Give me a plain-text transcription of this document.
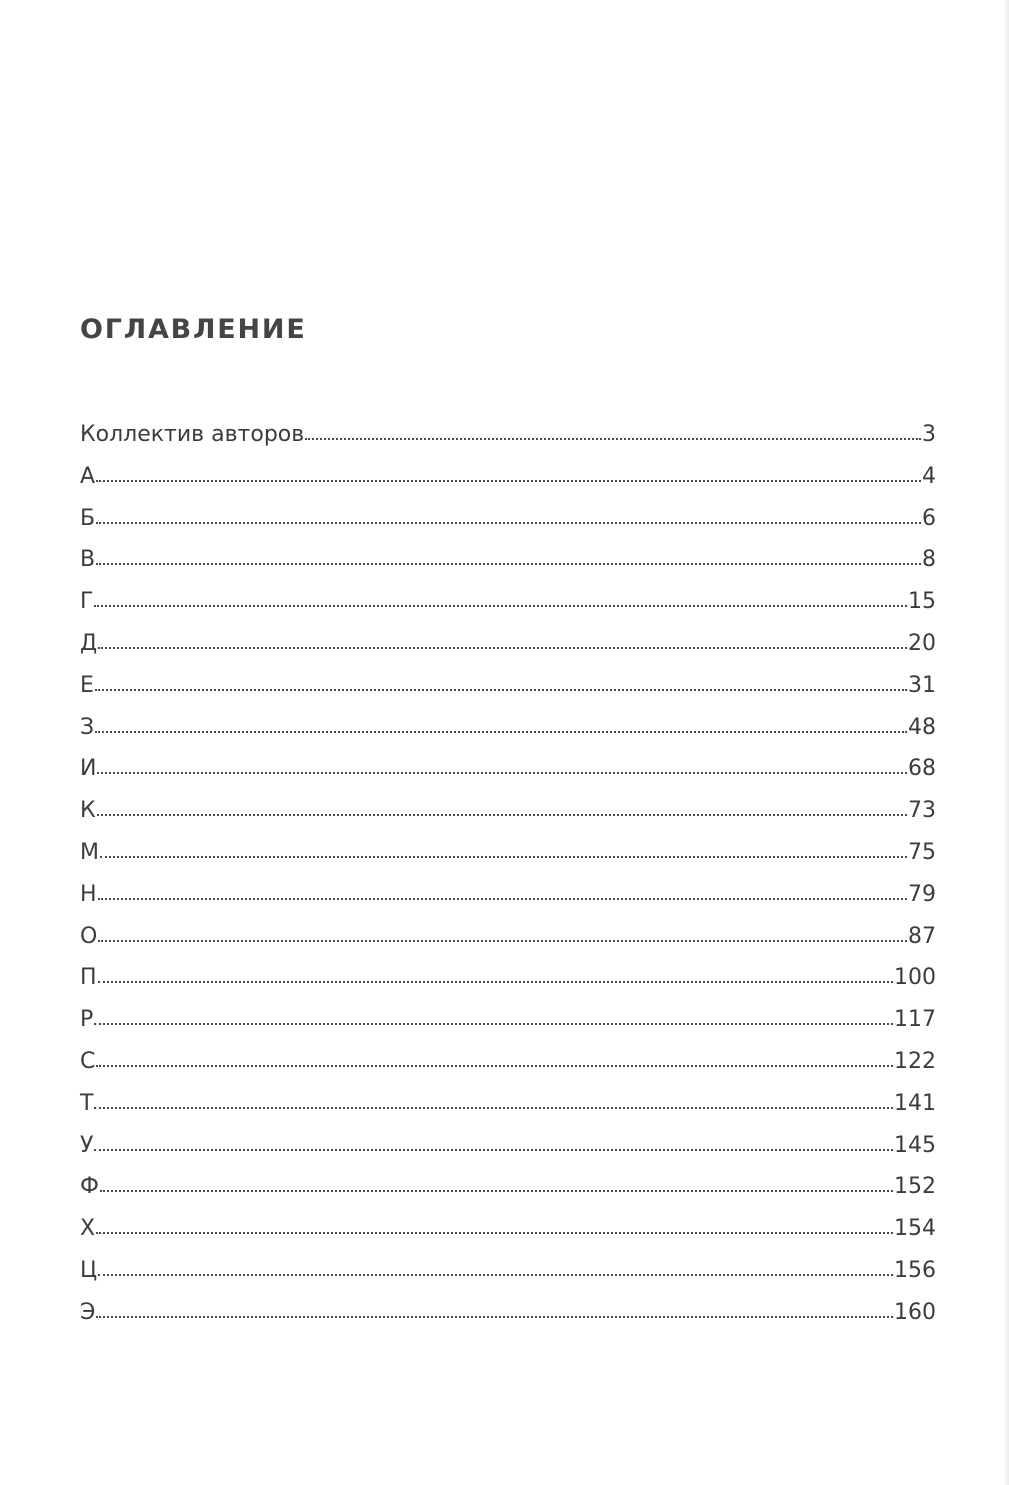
ОГЛАВЛЕНИЕ
Коллектив авторов	3
А	4
Б	6
В	8
Г	15
Д	20
Е	31
З	48
И	68
К	73
М	75
Н	79
О	87
П	100
Р	117
С	122
Т	141
У	145
Ф	152
Х	154
Ц	156
Э	160
